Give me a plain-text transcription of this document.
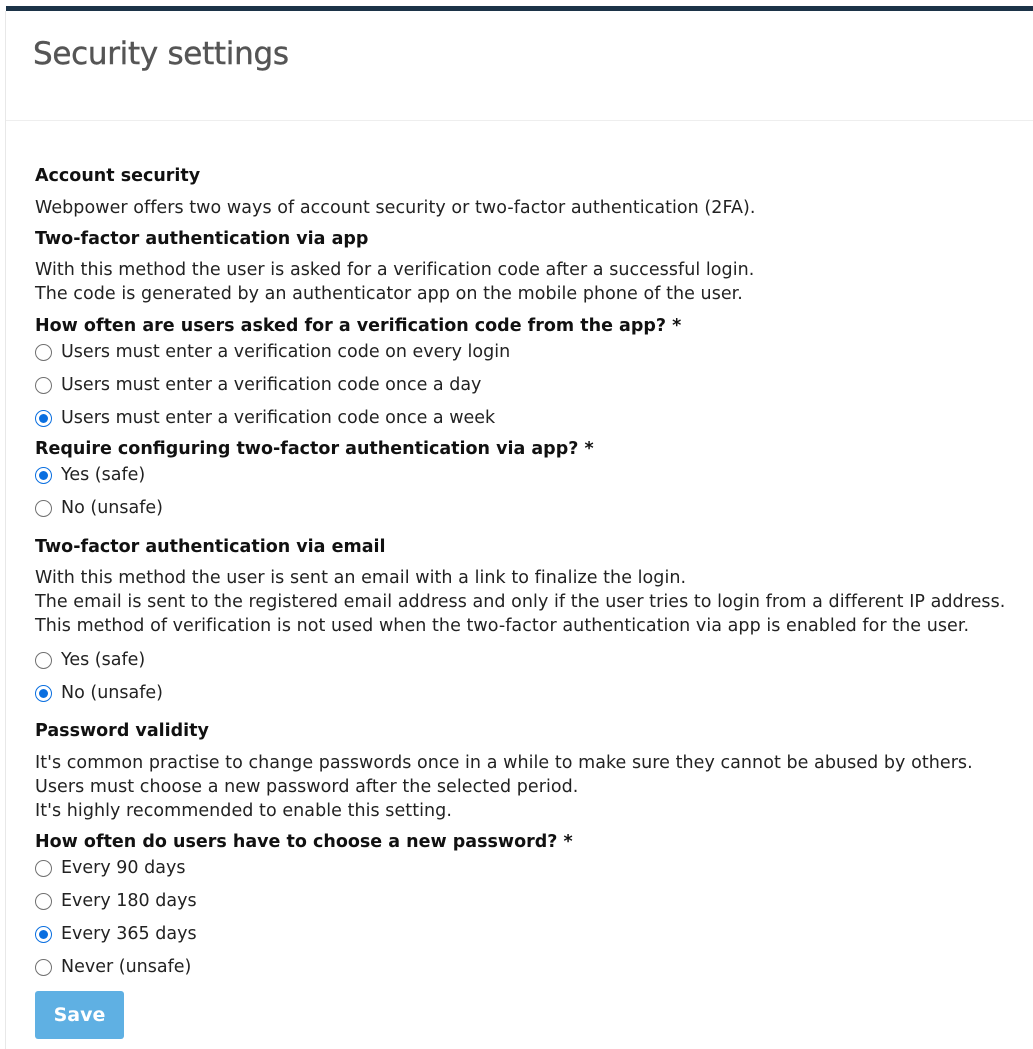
Security settings
Account security
Webpower offers two ways of account security or two-factor authentication (2FA).
Two-factor authentication via app
With this method the user is asked for a verification code after a successful login.
The code is generated by an authenticator app on the mobile phone of the user.
How often are users asked for a verification code from the app? *
Users must enter a verification code on every login
Users must enter a verification code once a day
Users must enter a verification code once a week
Require configuring two-factor authentication via app? *
Yes (safe)
No (unsafe)
Two-factor authentication via email
With this method the user is sent an email with a link to finalize the login.
The email is sent to the registered email address and only if the user tries to login from a different IP address.
This method of verification is not used when the two-factor authentication via app is enabled for the user.
Yes (safe)
No (unsafe)
Password validity
It's common practise to change passwords once in a while to make sure they cannot be abused by others.
Users must choose a new password after the selected period.
It's highly recommended to enable this setting.
How often do users have to choose a new password? *
Every 90 days
Every 180 days
Every 365 days
Never (unsafe)
Save
